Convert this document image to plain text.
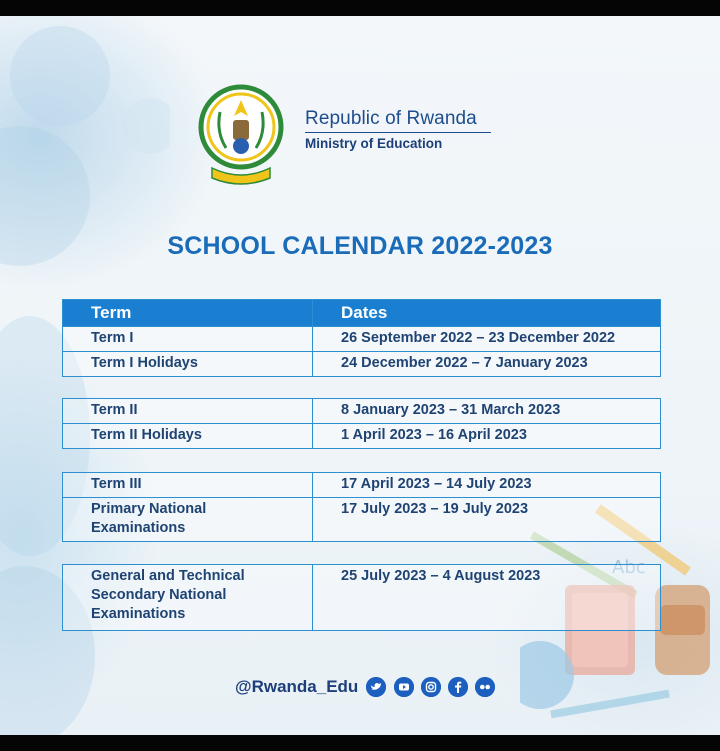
Abc
Republic of Rwanda
Ministry of Education
SCHOOL CALENDAR 2022-2023
Term	Dates
Term I	26 September 2022 – 23 December 2022
Term I Holidays	24 December 2022 – 7 January 2023
Term II	8 January 2023 – 31 March 2023
Term II Holidays	1 April 2023 – 16 April 2023
Term III	17 April 2023 – 14 July 2023
Primary National Examinations	17 July 2023 – 19 July 2023
General and Technical Secondary National Examinations	25 July 2023 – 4 August 2023
@Rwanda_Edu
